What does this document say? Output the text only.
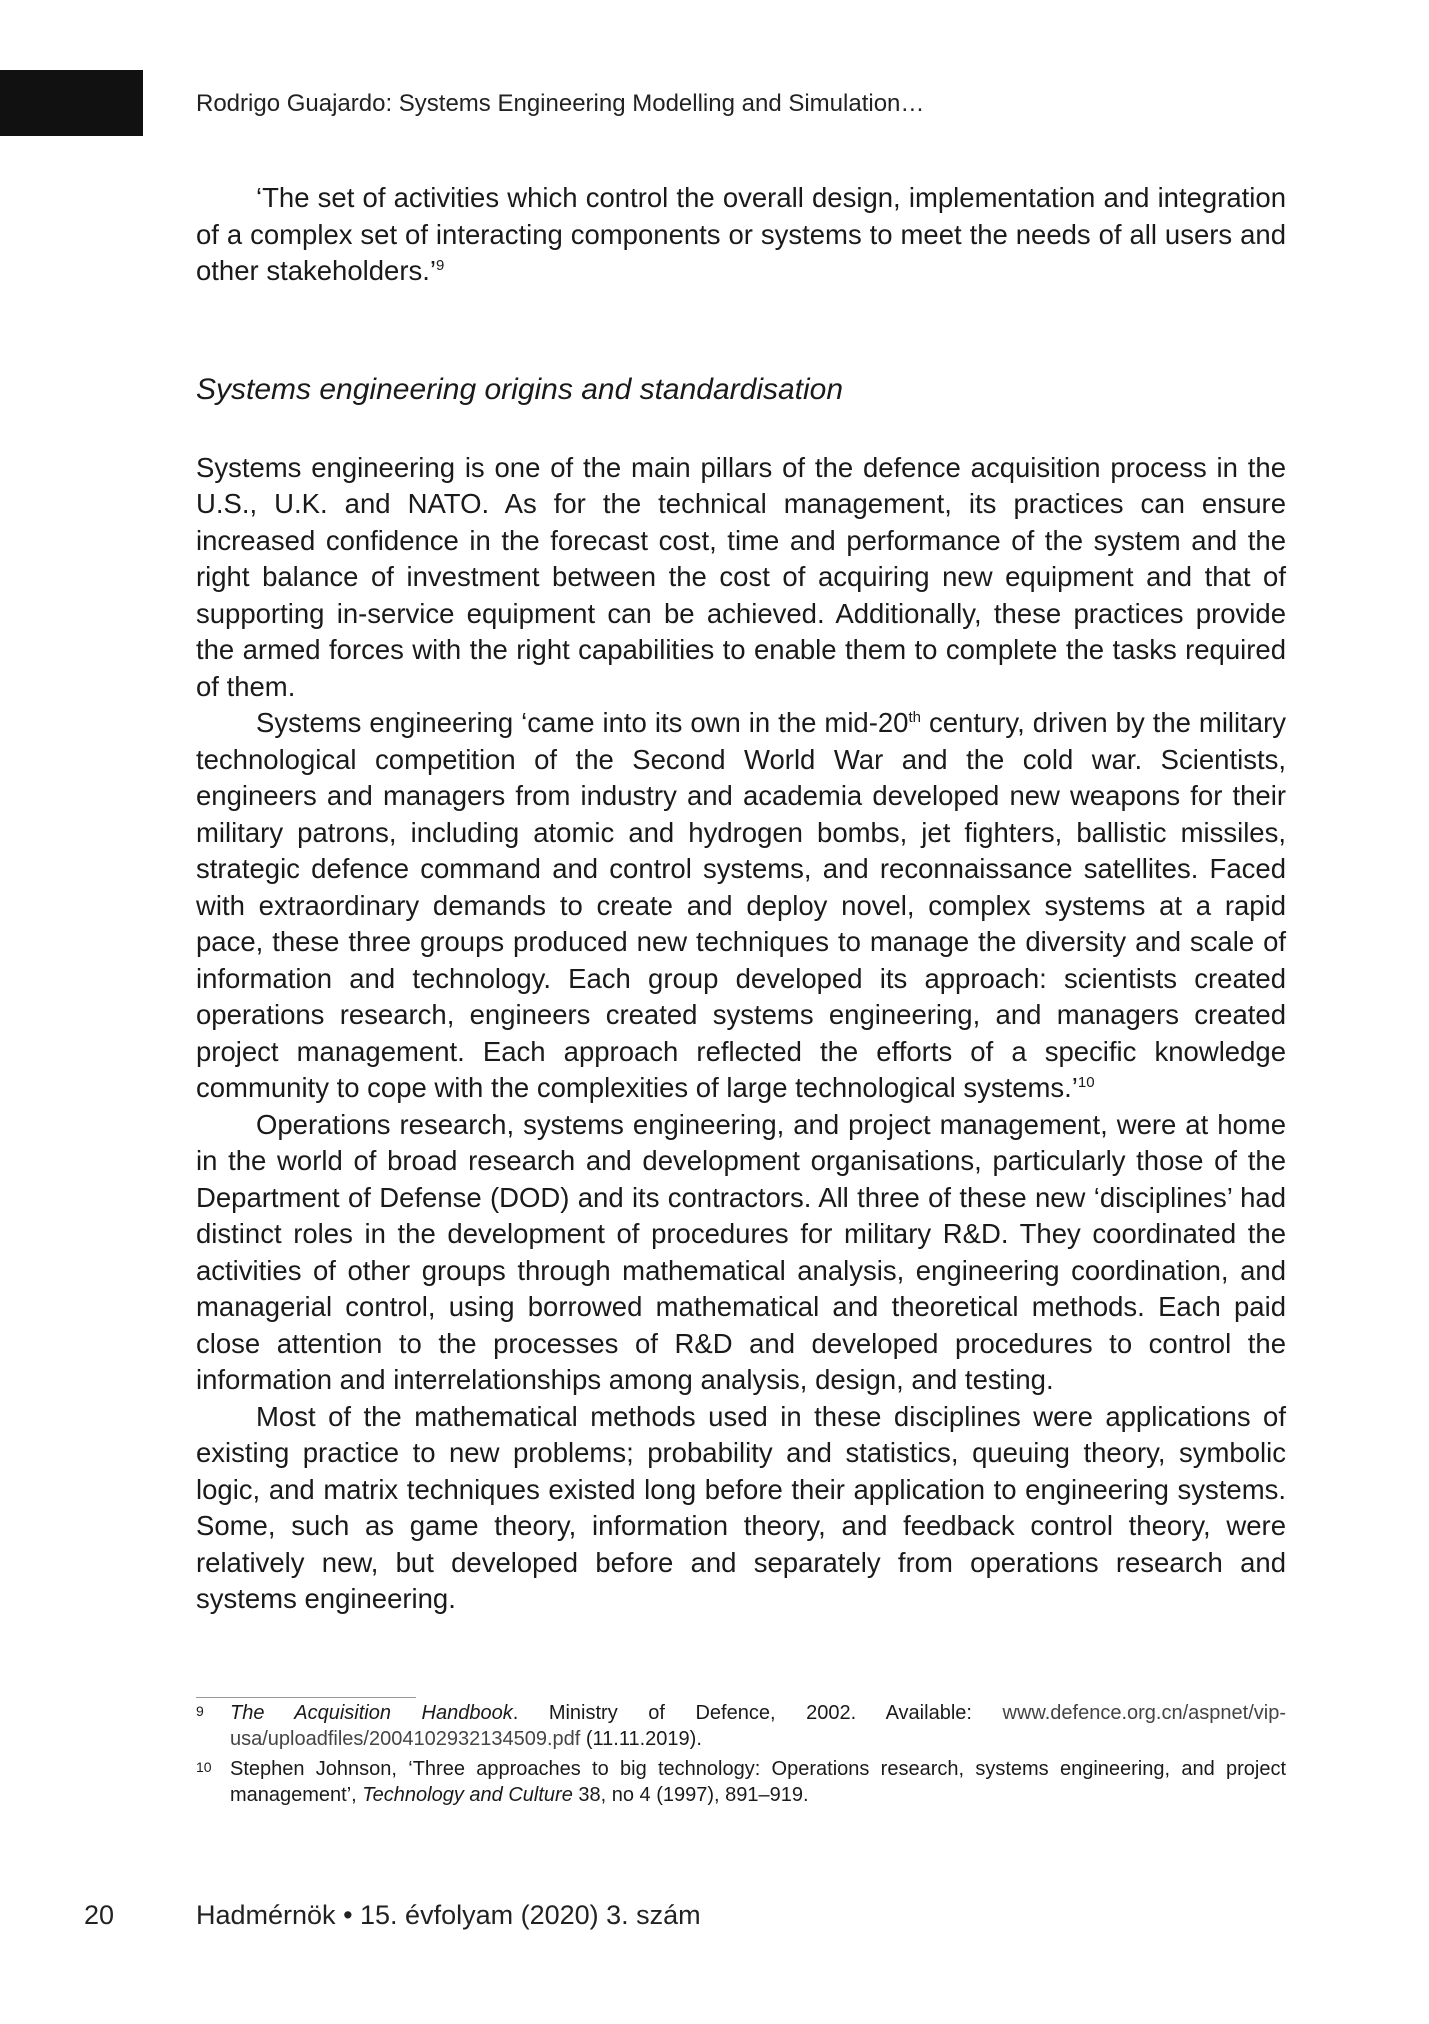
Rodrigo Guajardo: Systems Engineering Modelling and Simulation…

‘The set of activities which control the overall design, implementation and integration of a complex set of interacting components or systems to meet the needs of all users and other stakeholders.’$^9$

Systems engineering origins and standardisation

Systems engineering is one of the main pillars of the defence acquisition process in the U.S., U.K. and NATO. As for the technical management, its practices can ensure increased confidence in the forecast cost, time and performance of the system and the right balance of investment between the cost of acquiring new equipment and that of supporting in-service equipment can be achieved. Additionally, these practices provide the armed forces with the right capabilities to enable them to complete the tasks required of them.

Systems engineering ‘came into its own in the mid-20th century, driven by the military technological competition of the Second World War and the cold war. Scientists, engineers and managers from industry and academia developed new weapons for their military patrons, including atomic and hydrogen bombs, jet fighters, ballistic missiles, strategic defence command and control systems, and reconnaissance satellites. Faced with extraordinary demands to create and deploy novel, complex systems at a rapid pace, these three groups produced new techniques to manage the diversity and scale of information and technology. Each group developed its approach: scientists created operations research, engineers created systems engineering, and managers created project management. Each approach reflected the efforts of a specific knowledge community to cope with the complexities of large technological systems.’$^{10}$

Operations research, systems engineering, and project management, were at home in the world of broad research and development organisations, particularly those of the Department of Defense (DOD) and its contractors. All three of these new ‘disciplines’ had distinct roles in the development of procedures for military R&D. They coordinated the activities of other groups through mathematical analysis, engineering coordination, and managerial control, using borrowed mathematical and theoretical methods. Each paid close attention to the processes of R&D and developed procedures to control the information and interrelationships among analysis, design, and testing.

Most of the mathematical methods used in these disciplines were applications of existing practice to new problems; probability and statistics, queuing theory, symbolic logic, and matrix techniques existed long before their application to engineering systems. Some, such as game theory, information theory, and feedback control theory, were relatively new, but developed before and separately from operations research and systems engineering.

9 The Acquisition Handbook. Ministry of Defence, 2002. Available: www.defence.org.cn/aspnet/vip-usa/uploadfiles/2004102932134509.pdf (11.11.2019).
10 Stephen Johnson, ‘Three approaches to big technology: Operations research, systems engineering, and project management’, Technology and Culture 38, no 4 (1997), 891–919.
20	Hadmérnök • 15. évfolyam (2020) 3. szám
